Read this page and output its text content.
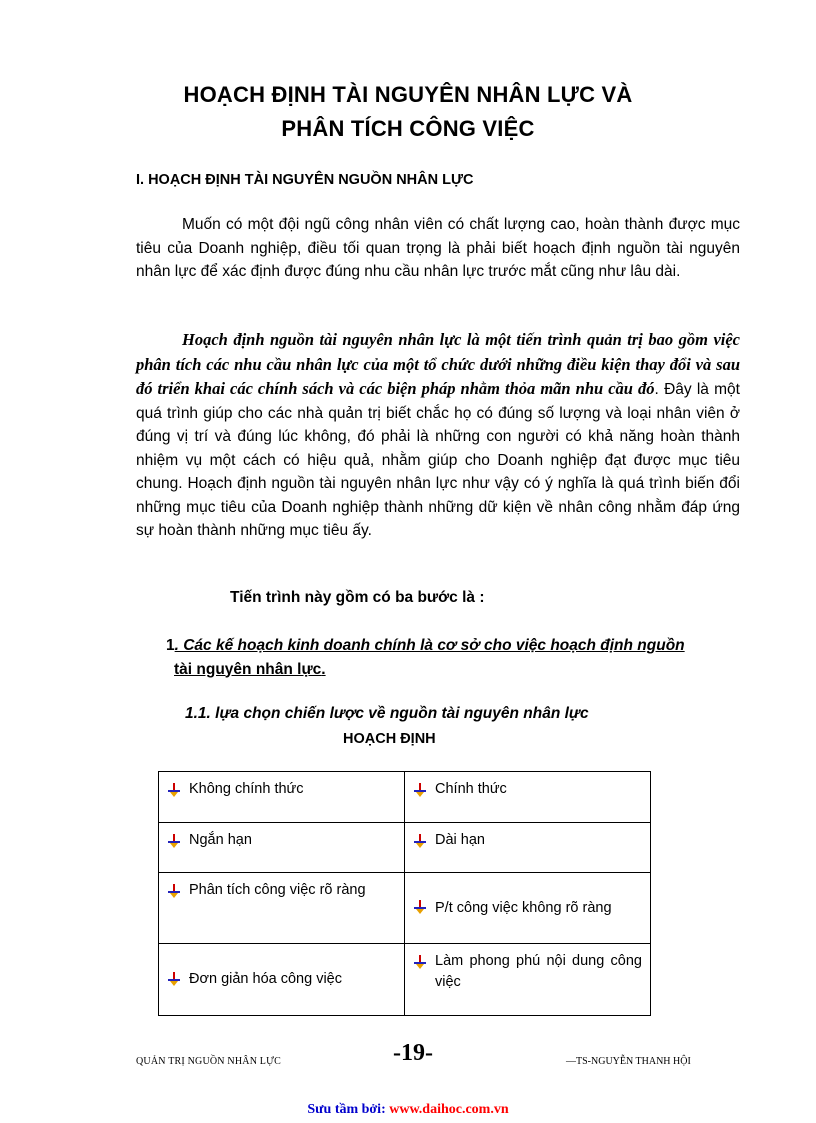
HOẠCH ĐỊNH TÀI NGUYÊN NHÂN LỰC VÀ
PHÂN TÍCH CÔNG VIỆC
I. HOẠCH ĐỊNH TÀI NGUYÊN NGUỒN NHÂN LỰC

Muốn có một đội ngũ công nhân viên có chất lượng cao, hoàn thành được mục tiêu của Doanh nghiệp, điều tối quan trọng là phải biết hoạch định nguồn tài nguyên nhân lực để xác định được đúng nhu cầu nhân lực trước mắt cũng như lâu dài.

Hoạch định nguồn tài nguyên nhân lực là một tiến trình quản trị bao gồm việc phân tích các nhu cầu nhân lực của một tổ chức dưới những điều kiện thay đổi và sau đó triển khai các chính sách và các biện pháp nhằm thỏa mãn nhu cầu đó. Đây là một quá trình giúp cho các nhà quản trị biết chắc họ có đúng số lượng và loại nhân viên ở đúng vị trí và đúng lúc không, đó phải là những con người có khả năng hoàn thành nhiệm vụ một cách có hiệu quả, nhằm giúp cho Doanh nghiệp đạt được mục tiêu chung. Hoạch định nguồn tài nguyên nhân lực như vậy có ý nghĩa là quá trình biến đổi những mục tiêu của Doanh nghiệp thành những dữ kiện về nhân công nhằm đáp ứng sự hoàn thành những mục tiêu ấy.

Tiến trình này gồm có ba bước là :

1. Các kế hoạch kinh doanh chính là cơ sở cho việc hoạch định nguồn
tài nguyên nhân lực.

1.1. lựa chọn chiến lược về nguồn tài nguyên nhân lực
HOẠCH ĐỊNH
Không chính thức	Chính thức

Ngắn hạn	Dài hạn

Phân tích công việc rõ ràng	P/t công việc không rõ ràng

Đơn giản hóa công việc	Làm phong phú nội dung công việc
QUẢN TRỊ NGUỒN NHÂN LỰC	-19-	—TS-NGUYỄN THANH HỘI
Sưu tầm bởi: www.daihoc.com.vn
